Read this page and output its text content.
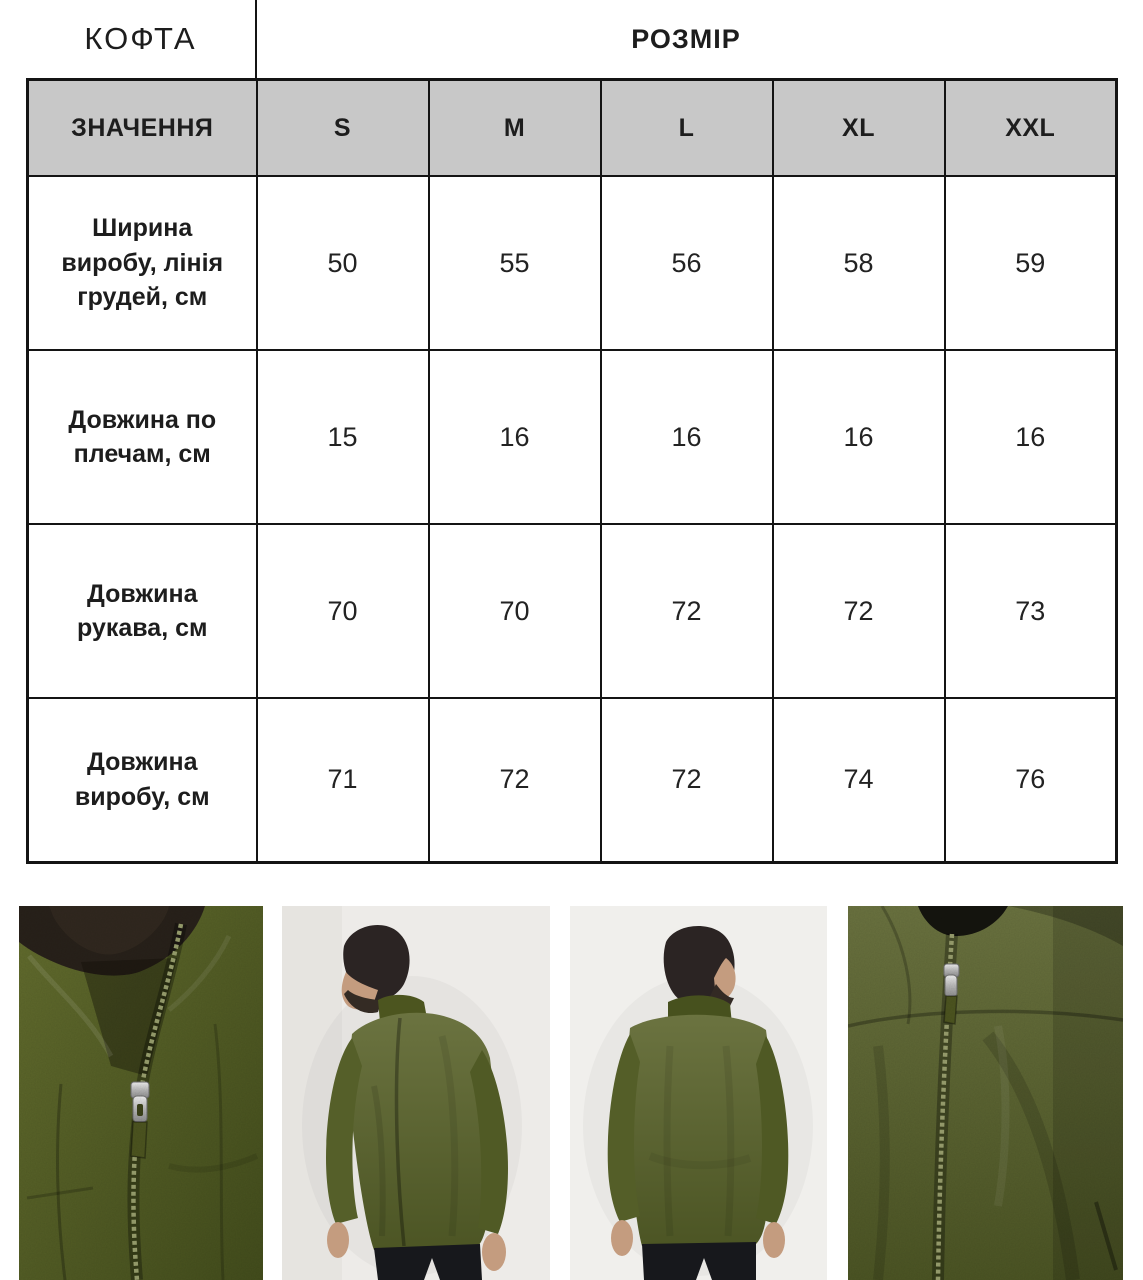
КОФТА	РОЗМІР
ЗНАЧЕННЯ	S	M	L	XL	XXL
Ширина виробу, лінія грудей, см	50	55	56	58	59
Довжина по плечам, см	15	16	16	16	16
Довжина рукава, см	70	70	72	72	73
Довжина виробу, см	71	72	72	74	76
